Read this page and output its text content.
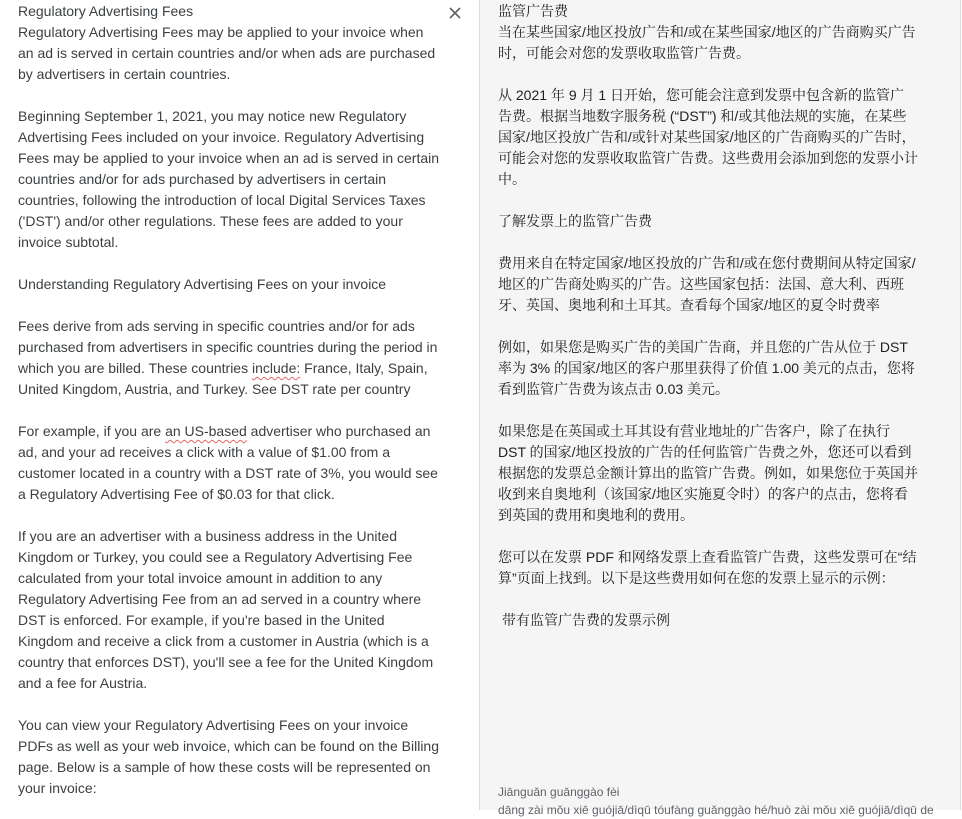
Regulatory Advertising Fees

Regulatory Advertising Fees may be applied to your invoice when an ad is served in certain countries and/or when ads are purchased by advertisers in certain countries.

Beginning September 1, 2021, you may notice new Regulatory Advertising Fees included on your invoice. Regulatory Advertising Fees may be applied to your invoice when an ad is served in certain countries and/or for ads purchased by advertisers in certain countries, following the introduction of local Digital Services Taxes ('DST') and/or other regulations. These fees are added to your invoice subtotal.

Understanding Regulatory Advertising Fees on your invoice

Fees derive from ads serving in specific countries and/or for ads purchased from advertisers in specific countries during the period in which you are billed. These countries include: France, Italy, Spain, United Kingdom, Austria, and Turkey. See DST rate per country

For example, if you are an US-based advertiser who purchased an ad, and your ad receives a click with a value of $1.00 from a customer located in a country with a DST rate of 3%, you would see a Regulatory Advertising Fee of $0.03 for that click.

If you are an advertiser with a business address in the United Kingdom or Turkey, you could see a Regulatory Advertising Fee calculated from your total invoice amount in addition to any Regulatory Advertising Fee from an ad served in a country where DST is enforced. For example, if you're based in the United Kingdom and receive a click from a customer in Austria (which is a country that enforces DST), you'll see a fee for the United Kingdom and a fee for Austria.

You can view your Regulatory Advertising Fees on your invoice PDFs as well as your web invoice, which can be found on the Billing page. Below is a sample of how these costs will be represented on your invoice:

监管广告费

当在某些国家/地区投放广告和/或在某些国家/地区的广告商购买广告时，可能会对您的发票收取监管广告费。

从 2021 年 9 月 1 日开始，您可能会注意到发票中包含新的监管广告费。根据当地数字服务税 (“DST”) 和/或其他法规的实施，在某些国家/地区投放广告和/或针对某些国家/地区的广告商购买的广告时，可能会对您的发票收取监管广告费。这些费用会添加到您的发票小计中。

了解发票上的监管广告费

费用来自在特定国家/地区投放的广告和/或在您付费期间从特定国家/地区的广告商处购买的广告。这些国家包括：法国、意大利、西班牙、英国、奥地利和土耳其。查看每个国家/地区的夏令时费率

例如，如果您是购买广告的美国广告商，并且您的广告从位于 DST 率为 3% 的国家/地区的客户那里获得了价值 1.00 美元的点击，您将看到监管广告费为该点击 0.03 美元。

如果您是在英国或土耳其设有营业地址的广告客户，除了在执行 DST 的国家/地区投放的广告的任何监管广告费之外，您还可以看到根据您的发票总金额计算出的监管广告费。例如，如果您位于英国并收到来自奥地利（该国家/地区实施夏令时）的客户的点击，您将看到英国的费用和奥地利的费用。

您可以在发票 PDF 和网络发票上查看监管广告费，这些发票可在“结算”页面上找到。以下是这些费用如何在您的发票上显示的示例：

带有监管广告费的发票示例

Jiānguǎn guǎnggào fèi
dāng zài mǒu xiē guójiā/dìqū tóufàng guǎnggào hé/huò zài mǒu xiē guójiā/dìqū de
